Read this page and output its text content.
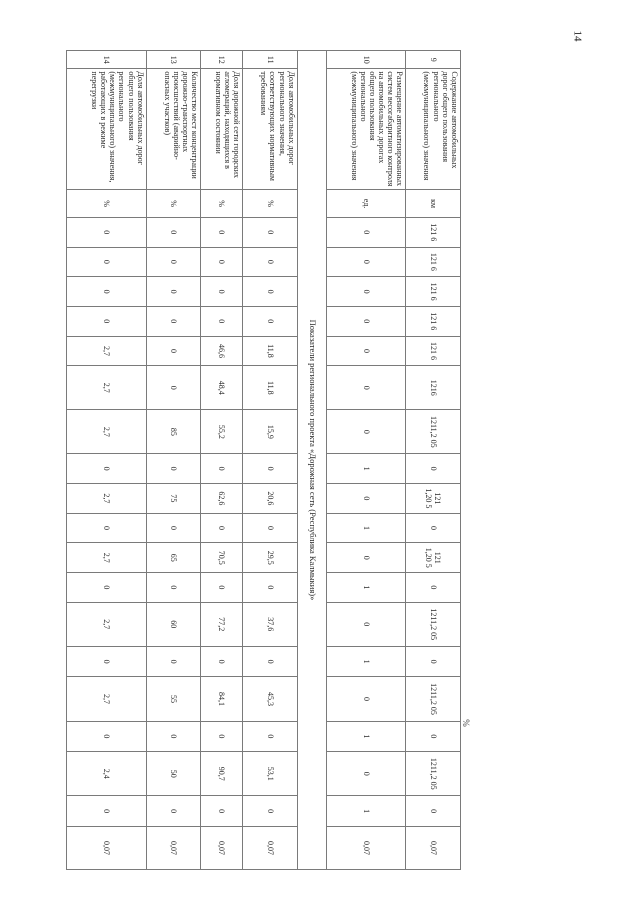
14
9	Содержание автомобильных дорог общего пользования регионального (межмуниципального) значения	км	121 6	121 6	121 6	121 6	121 6	1216	1211,2 05	0	121 1,20 5	0	121 1,20 5	0	1211,2 05	0	1211,2 05	0	1211,2 05	0	0,07
10	Размещение автоматизированных систем весогабаритного контроля на автомобильных дорогах общего пользования регионального (межмуниципального) значения	ед.	0	0	0	0	0	0	0	1	0	1	0	1	0	1	0	1	0	1	0,07
Показатели регионального проекта «Дорожная сеть (Республика Калмыкия)»																					
11	Доля автомобильных дорог регионального значения, соответствующих нормативным требованиям	%	0	0	0	0	11,8	11,8	15,9	0	20,6	0	29,5	0	37,6	0	45,3	0	53,1	0	0,07
12	Доля дорожной сети городских агломераций, находящихся в нормативном состоянии	%	0	0	0	0	46,6	48,4	55,2	0	62,6	0	70,5	0	77,2	0	84,1	0	90,7	0	0,07
13	Количество мест концентрации дорожно-транспортных происшествий (аварийно-опасных участков)	%	0	0	0	0	0	0	85	0	75	0	65	0	60	0	55	0	50	0	0,07
14	Доля автомобильных дорог общего пользования регионального (межмуниципального) значения, работающих в режиме перегрузки	%	0	0	0	0	2,7	2,7	2,7	0	2,7	0	2,7	0	2,7	0	2,7	0	2,4	0	0,07
%
